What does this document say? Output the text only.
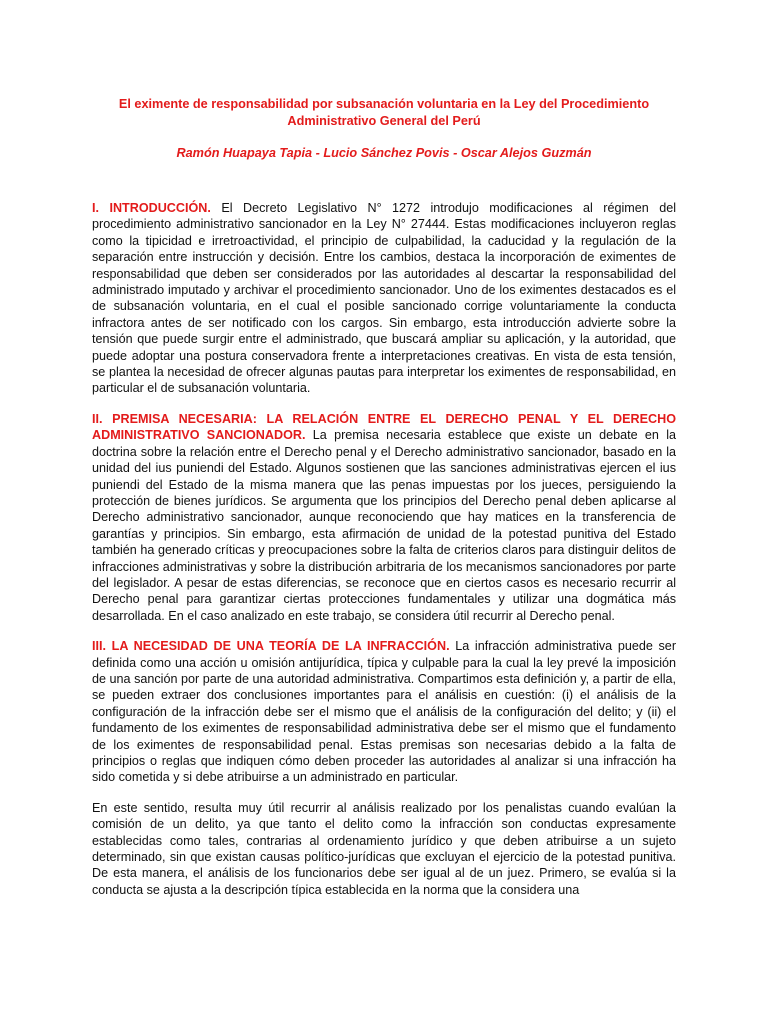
El eximente de responsabilidad por subsanación voluntaria en la Ley del Procedimiento Administrativo General del Perú

Ramón Huapaya Tapia - Lucio Sánchez Povis - Oscar Alejos Guzmán

I. INTRODUCCIÓN. El Decreto Legislativo N° 1272 introdujo modificaciones al régimen del procedimiento administrativo sancionador en la Ley N° 27444. Estas modificaciones incluyeron reglas como la tipicidad e irretroactividad, el principio de culpabilidad, la caducidad y la regulación de la separación entre instrucción y decisión. Entre los cambios, destaca la incorporación de eximentes de responsabilidad que deben ser considerados por las autoridades al descartar la responsabilidad del administrado imputado y archivar el procedimiento sancionador. Uno de los eximentes destacados es el de subsanación voluntaria, en el cual el posible sancionado corrige voluntariamente la conducta infractora antes de ser notificado con los cargos. Sin embargo, esta introducción advierte sobre la tensión que puede surgir entre el administrado, que buscará ampliar su aplicación, y la autoridad, que puede adoptar una postura conservadora frente a interpretaciones creativas. En vista de esta tensión, se plantea la necesidad de ofrecer algunas pautas para interpretar los eximentes de responsabilidad, en particular el de subsanación voluntaria.

II. PREMISA NECESARIA: LA RELACIÓN ENTRE EL DERECHO PENAL Y EL DERECHO ADMINISTRATIVO SANCIONADOR. La premisa necesaria establece que existe un debate en la doctrina sobre la relación entre el Derecho penal y el Derecho administrativo sancionador, basado en la unidad del ius puniendi del Estado. Algunos sostienen que las sanciones administrativas ejercen el ius puniendi del Estado de la misma manera que las penas impuestas por los jueces, persiguiendo la protección de bienes jurídicos. Se argumenta que los principios del Derecho penal deben aplicarse al Derecho administrativo sancionador, aunque reconociendo que hay matices en la transferencia de garantías y principios. Sin embargo, esta afirmación de unidad de la potestad punitiva del Estado también ha generado críticas y preocupaciones sobre la falta de criterios claros para distinguir delitos de infracciones administrativas y sobre la distribución arbitraria de los mecanismos sancionadores por parte del legislador. A pesar de estas diferencias, se reconoce que en ciertos casos es necesario recurrir al Derecho penal para garantizar ciertas protecciones fundamentales y utilizar una dogmática más desarrollada. En el caso analizado en este trabajo, se considera útil recurrir al Derecho penal.

III. LA NECESIDAD DE UNA TEORÍA DE LA INFRACCIÓN. La infracción administrativa puede ser definida como una acción u omisión antijurídica, típica y culpable para la cual la ley prevé la imposición de una sanción por parte de una autoridad administrativa. Compartimos esta definición y, a partir de ella, se pueden extraer dos conclusiones importantes para el análisis en cuestión: (i) el análisis de la configuración de la infracción debe ser el mismo que el análisis de la configuración del delito; y (ii) el fundamento de los eximentes de responsabilidad administrativa debe ser el mismo que el fundamento de los eximentes de responsabilidad penal. Estas premisas son necesarias debido a la falta de principios o reglas que indiquen cómo deben proceder las autoridades al analizar si una infracción ha sido cometida y si debe atribuirse a un administrado en particular.

En este sentido, resulta muy útil recurrir al análisis realizado por los penalistas cuando evalúan la comisión de un delito, ya que tanto el delito como la infracción son conductas expresamente establecidas como tales, contrarias al ordenamiento jurídico y que deben atribuirse a un sujeto determinado, sin que existan causas político-jurídicas que excluyan el ejercicio de la potestad punitiva. De esta manera, el análisis de los funcionarios debe ser igual al de un juez. Primero, se evalúa si la conducta se ajusta a la descripción típica establecida en la norma que la considera una
